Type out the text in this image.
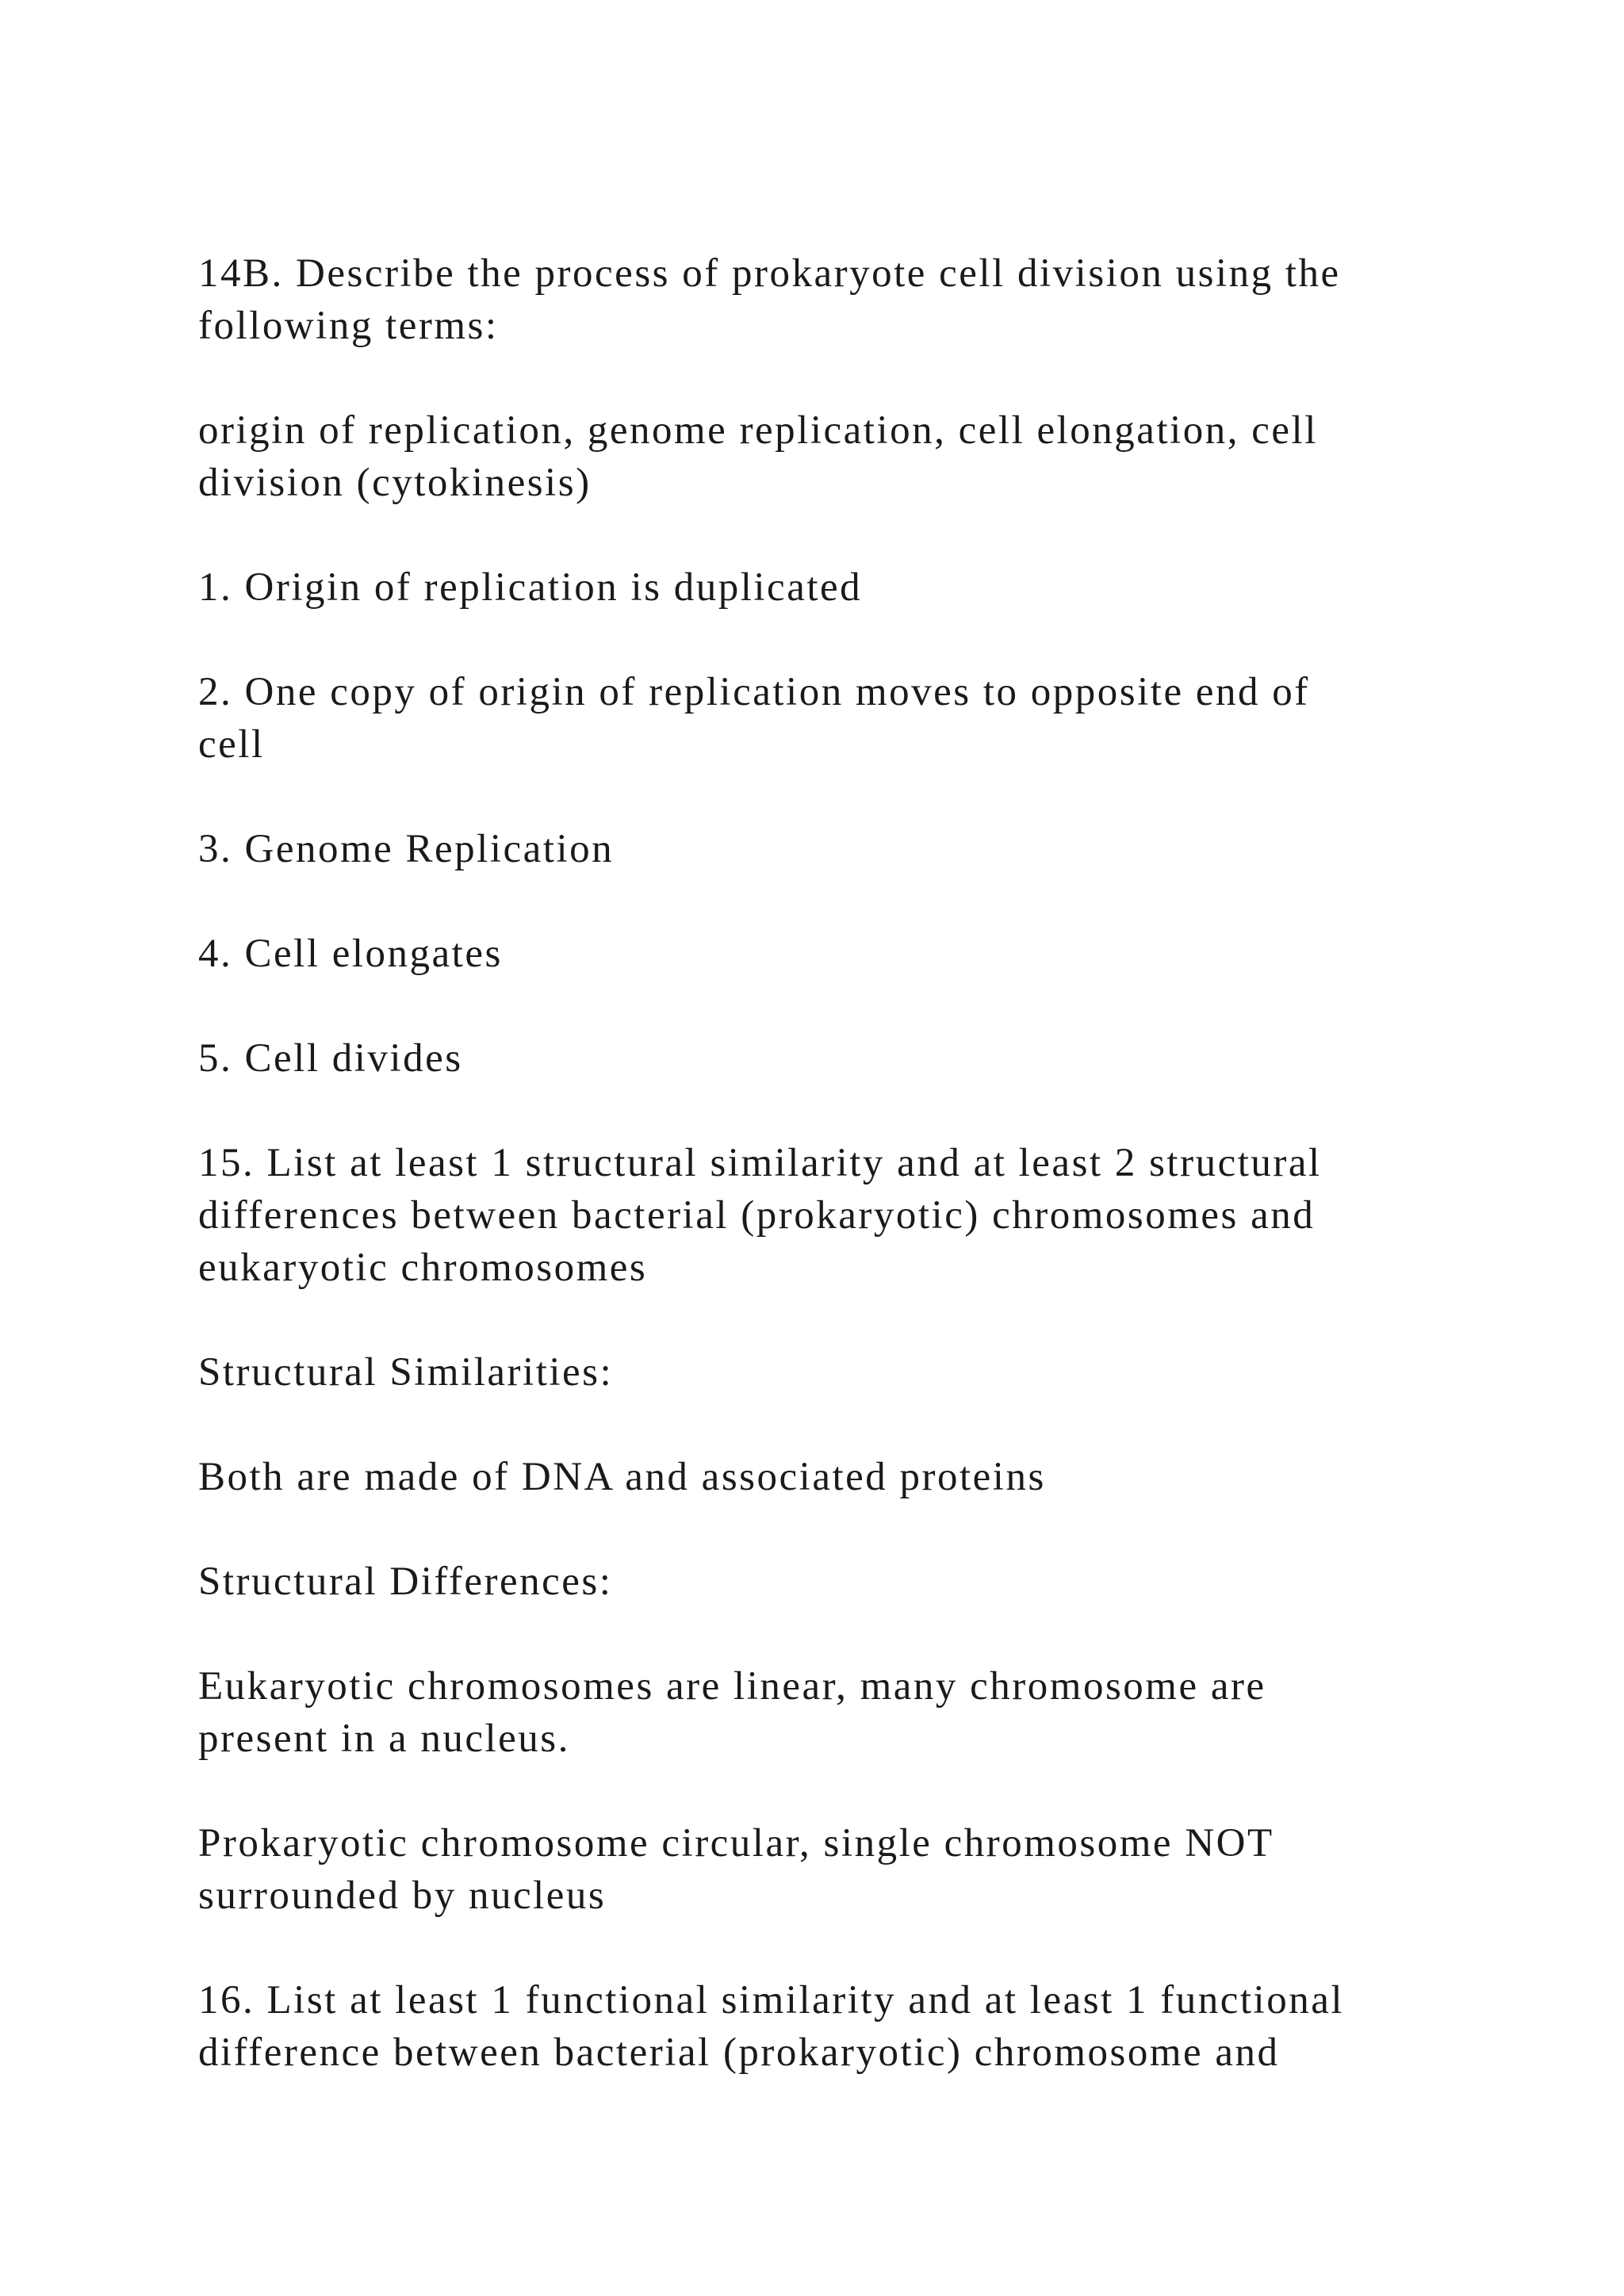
14B. Describe the process of prokaryote cell division using the
following terms:

origin of replication, genome replication, cell elongation, cell
division (cytokinesis)

1. Origin of replication is duplicated

2. One copy of origin of replication moves to opposite end of
cell

3. Genome Replication

4. Cell elongates

5. Cell divides

15. List at least 1 structural similarity and at least 2 structural
differences between bacterial (prokaryotic) chromosomes and
eukaryotic chromosomes

Structural Similarities:

Both are made of DNA and associated proteins

Structural Differences:

Eukaryotic chromosomes are linear, many chromosome are
present in a nucleus.

Prokaryotic chromosome circular, single chromosome NOT
surrounded by nucleus

16. List at least 1 functional similarity and at least 1 functional
difference between bacterial (prokaryotic) chromosome and
